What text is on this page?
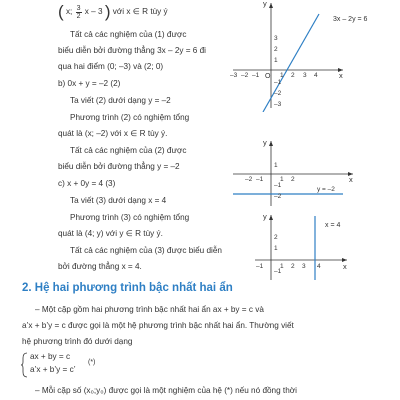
( x; $\frac{3}{2}$ x – 3 ) với x ∈ R tùy ý
Tất cả các nghiệm của (1) được
biểu diễn bởi đường thẳng 3x – 2y = 6 đi
qua hai điểm (0; –3) và (2; 0)
b) 0x + y = –2 (2)
Ta viết (2) dưới dạng y = –2
Phương trình (2) có nghiệm tổng
quát là (x; –2) với x ∈ R tùy ý.
Tất cả các nghiệm của (2) được
biểu diễn bởi đường thẳng y = –2
c) x + 0y = 4 (3)
Ta viết (3) dưới dạng x = 4
Phương trình (3) có nghiệm tổng
quát là (4; y) với y ∈ R tùy ý.
Tất cả các nghiệm của (3) được biểu diễn
bởi đường thẳng x = 4.
3x – 2y = 6
y
x
O
–3 –2 –1	1 2 3 4
3
2
1
–1
–2
–3
y = –2
y
x
–2 –1	1 2
1
–1
–2
x = 4
y
x
–1	1 2 3 4
2
1
–1
2. Hệ hai phương trình bậc nhất hai ẩn
– Một cặp gồm hai phương trình bậc nhất hai ẩn ax + by = c và
a’x + b’y = c được gọi là một hệ phương trình bậc nhất hai ẩn. Thường viết
hệ phương trình đó dưới dạng
ax + by = c
a’x + b’y = c’
(*)
– Mỗi cặp số (x₀;y₀) được gọi là một nghiệm của hệ (*) nếu nó đồng thời
